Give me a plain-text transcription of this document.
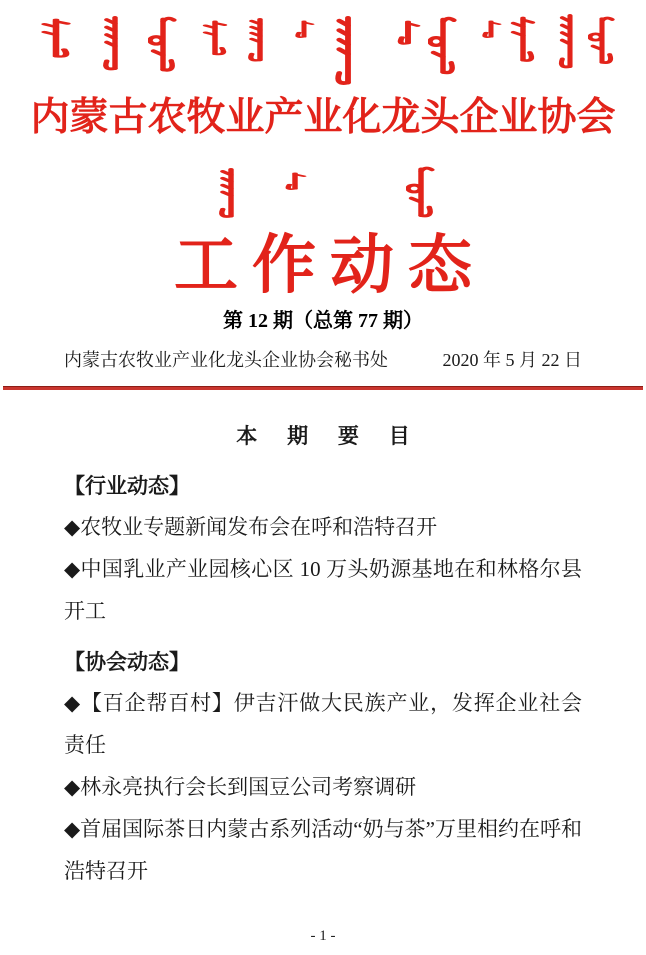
内蒙古农牧业产业化龙头企业协会
工作动态
第 12 期（总第 77 期）
内蒙古农牧业产业化龙头企业协会秘书处	2020 年 5 月 22 日
本 期 要 目
【行业动态】

◆农牧业专题新闻发布会在呼和浩特召开

◆中国乳业产业园核心区 10 万头奶源基地在和林格尔县开工

【协会动态】

◆【百企帮百村】伊吉汗做大民族产业，发挥企业社会责任

◆林永亮执行会长到国豆公司考察调研

◆首届国际茶日内蒙古系列活动“奶与茶”万里相约在呼和浩特召开

- 1 -
